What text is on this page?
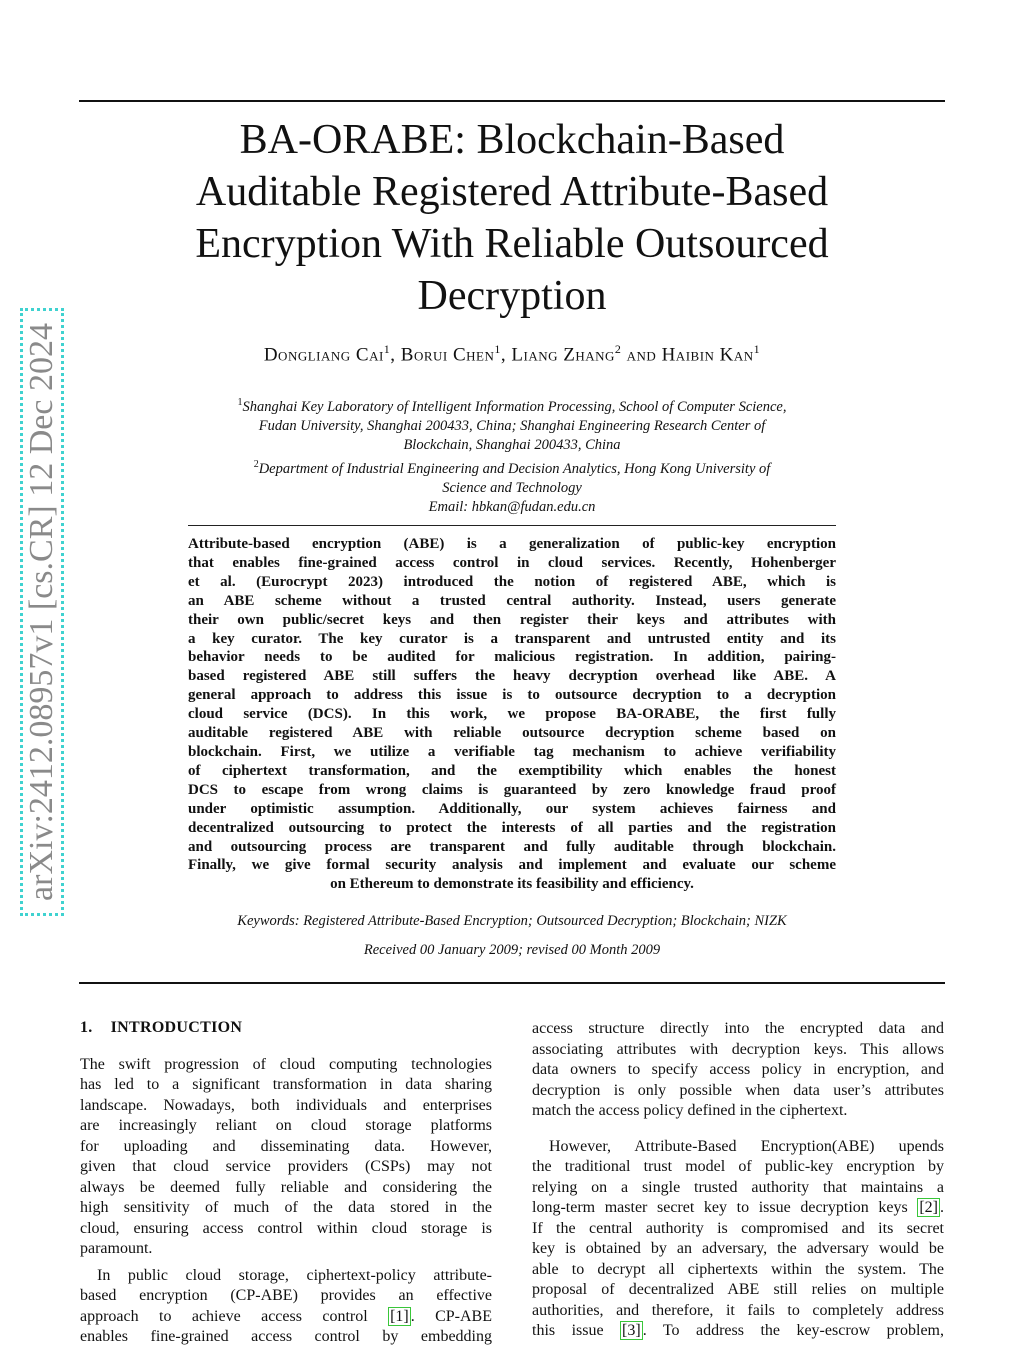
arXiv:2412.08957v1 [cs.CR] 12 Dec 2024
BA-ORABE: Blockchain-Based
Auditable Registered Attribute-Based
Encryption With Reliable Outsourced
Decryption
Dongliang Cai$^1$, Borui Chen$^1$, Liang Zhang$^2$ and Haibin Kan$^1$
$^1$Shanghai Key Laboratory of Intelligent Information Processing, School of Computer Science,
Fudan University, Shanghai 200433, China; Shanghai Engineering Research Center of
Blockchain, Shanghai 200433, China
$^2$Department of Industrial Engineering and Decision Analytics, Hong Kong University of
Science and Technology
Email: hbkan@fudan.edu.cn
Attribute-based encryption (ABE) is a generalization of public-key encryption
that enables fine-grained access control in cloud services. Recently, Hohenberger
et al. (Eurocrypt 2023) introduced the notion of registered ABE, which is
an ABE scheme without a trusted central authority. Instead, users generate
their own public/secret keys and then register their keys and attributes with
a key curator. The key curator is a transparent and untrusted entity and its
behavior needs to be audited for malicious registration. In addition, pairing-
based registered ABE still suffers the heavy decryption overhead like ABE. A
general approach to address this issue is to outsource decryption to a decryption
cloud service (DCS). In this work, we propose BA-ORABE, the first fully
auditable registered ABE with reliable outsource decryption scheme based on
blockchain. First, we utilize a verifiable tag mechanism to achieve verifiability
of ciphertext transformation, and the exemptibility which enables the honest
DCS to escape from wrong claims is guaranteed by zero knowledge fraud proof
under optimistic assumption. Additionally, our system achieves fairness and
decentralized outsourcing to protect the interests of all parties and the registration
and outsourcing process are transparent and fully auditable through blockchain.
Finally, we give formal security analysis and implement and evaluate our scheme
on Ethereum to demonstrate its feasibility and efficiency.
Keywords: Registered Attribute-Based Encryption; Outsourced Decryption; Blockchain; NIZK
Received 00 January 2009; revised 00 Month 2009
1. INTRODUCTION
The swift progression of cloud computing technologies
has led to a significant transformation in data sharing
landscape. Nowadays, both individuals and enterprises
are increasingly reliant on cloud storage platforms
for uploading and disseminating data. However,
given that cloud service providers (CSPs) may not
always be deemed fully reliable and considering the
high sensitivity of much of the data stored in the
cloud, ensuring access control within cloud storage is
paramount.
In public cloud storage, ciphertext-policy attribute-
based encryption (CP-ABE) provides an effective
approach to achieve access control [1] . CP-ABE
enables fine-grained access control by embedding
access structure directly into the encrypted data and
associating attributes with decryption keys. This allows
data owners to specify access policy in encryption, and
decryption is only possible when data user’s attributes
match the access policy defined in the ciphertext.
However, Attribute-Based Encryption(ABE) upends
the traditional trust model of public-key encryption by
relying on a single trusted authority that maintains a
long-term master secret key to issue decryption keys [2] .
If the central authority is compromised and its secret
key is obtained by an adversary, the adversary would be
able to decrypt all ciphertexts within the system. The
proposal of decentralized ABE still relies on multiple
authorities, and therefore, it fails to completely address
this issue [3] . To address the key-escrow problem,
